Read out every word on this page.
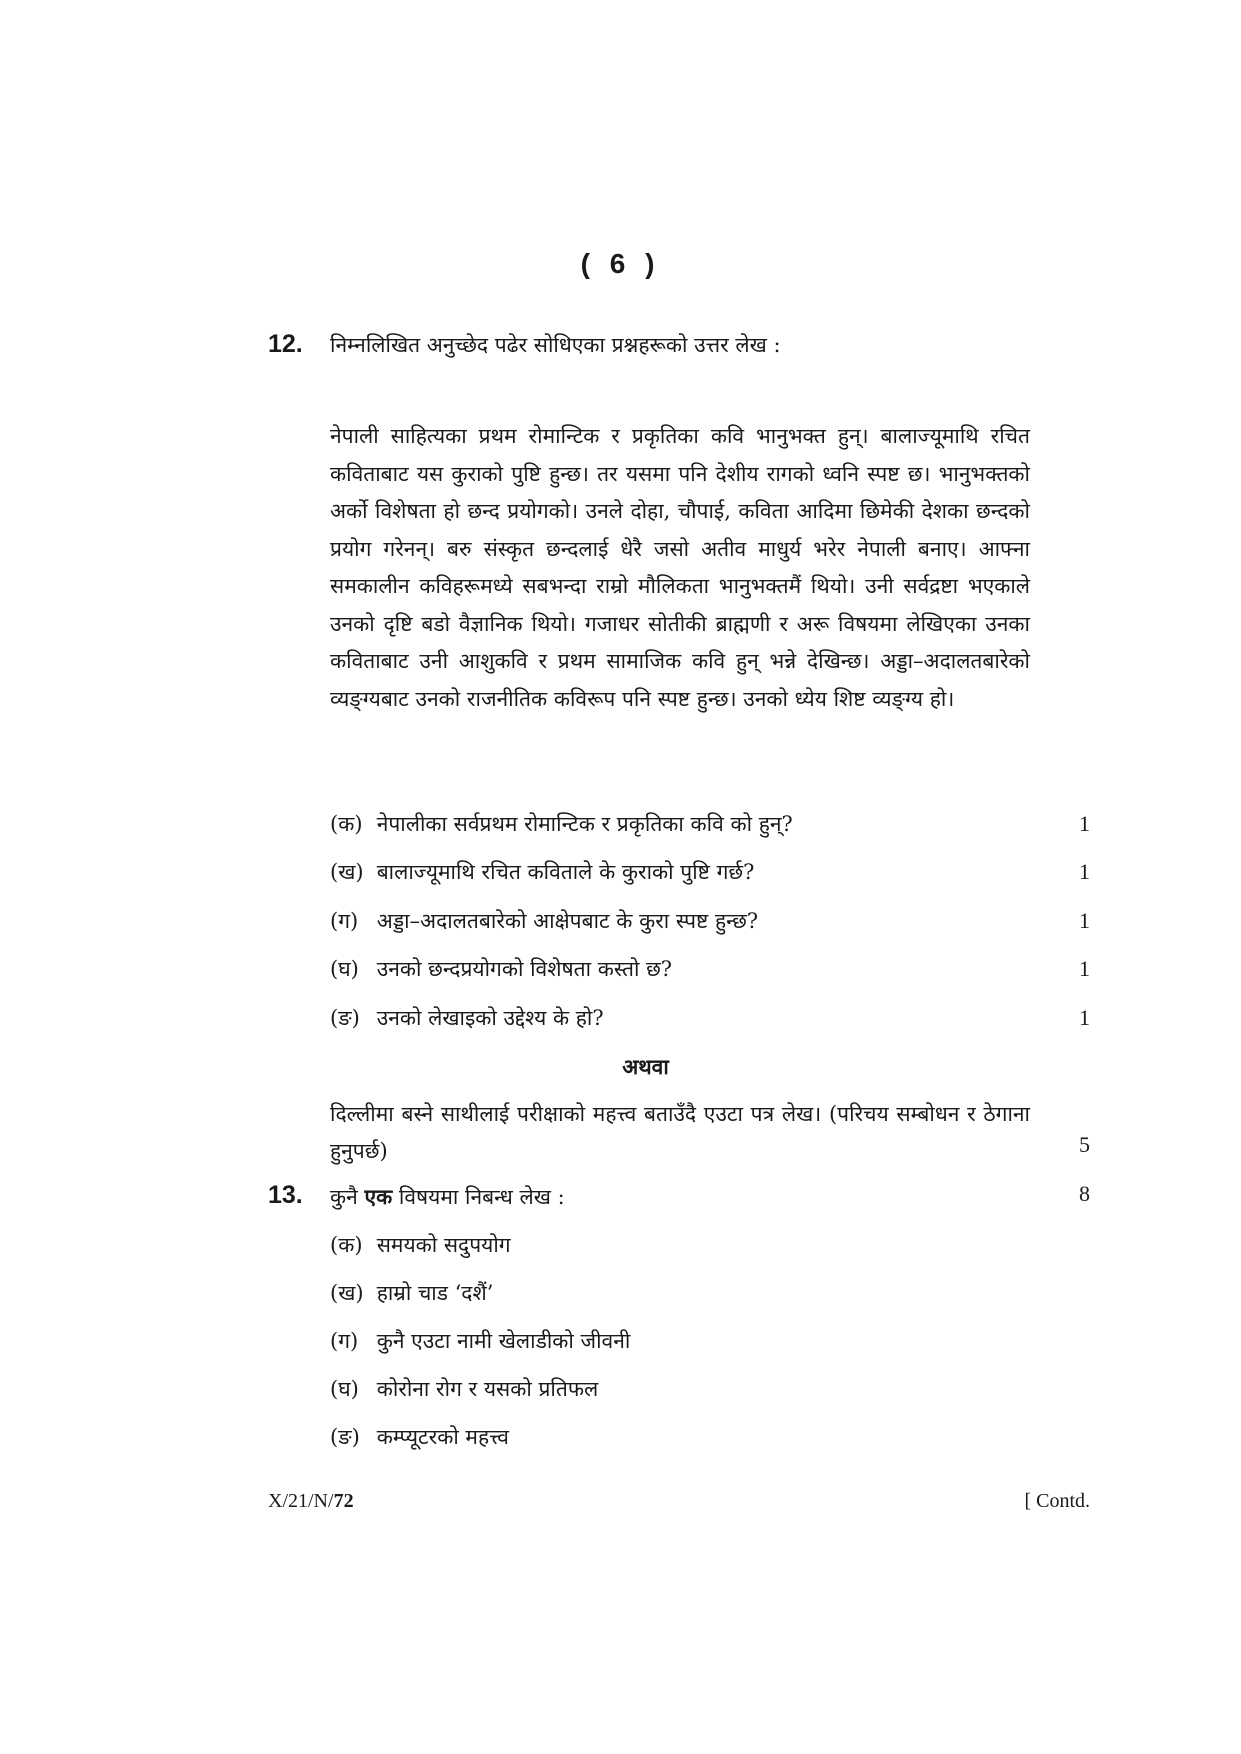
( 6 )
12. निम्नलिखित अनुच्छेद पढेर सोधिएका प्रश्नहरूको उत्तर लेख :
नेपाली साहित्यका प्रथम रोमान्टिक र प्रकृतिका कवि भानुभक्त हुन्। बालाज्यूमाथि रचित कविताबाट यस कुराको पुष्टि हुन्छ। तर यसमा पनि देशीय रागको ध्वनि स्पष्ट छ। भानुभक्तको अर्को विशेषता हो छन्द प्रयोगको। उनले दोहा, चौपाई, कविता आदिमा छिमेकी देशका छन्दको प्रयोग गरेनन्। बरु संस्कृत छन्दलाई धेरै जसो अतीव माधुर्य भरेर नेपाली बनाए। आफ्ना समकालीन कविहरूमध्ये सबभन्दा राम्रो मौलिकता भानुभक्तमैं थियो। उनी सर्वद्रष्टा भएकाले उनको दृष्टि बडो वैज्ञानिक थियो। गजाधर सोतीकी ब्राह्मणी र अरू विषयमा लेखिएका उनका कविताबाट उनी आशुकवि र प्रथम सामाजिक कवि हुन् भन्ने देखिन्छ। अड्डा–अदालतबारेको व्यङ्ग्यबाट उनको राजनीतिक कविरूप पनि स्पष्ट हुन्छ। उनको ध्येय शिष्ट व्यङ्ग्य हो।
(क) नेपालीका सर्वप्रथम रोमान्टिक र प्रकृतिका कवि को हुन्?	1
(ख) बालाज्यूमाथि रचित कविताले के कुराको पुष्टि गर्छ?	1
(ग) अड्डा–अदालतबारेको आक्षेपबाट के कुरा स्पष्ट हुन्छ?	1
(घ) उनको छन्दप्रयोगको विशेषता कस्तो छ?	1
(ङ) उनको लेखाइको उद्देश्य के हो?	1
अथवा
दिल्लीमा बस्ने साथीलाई परीक्षाको महत्त्व बताउँदै एउटा पत्र लेख। (परिचय सम्बोधन र ठेगाना हुनुपर्छ)	5
13. कुनै एक विषयमा निबन्ध लेख :	8
(क) समयको सदुपयोग
(ख) हाम्रो चाड ‘दशैं’
(ग) कुनै एउटा नामी खेलाडीको जीवनी
(घ) कोरोना रोग र यसको प्रतिफल
(ङ) कम्प्यूटरको महत्त्व
X/21/N/72	[ Contd.
